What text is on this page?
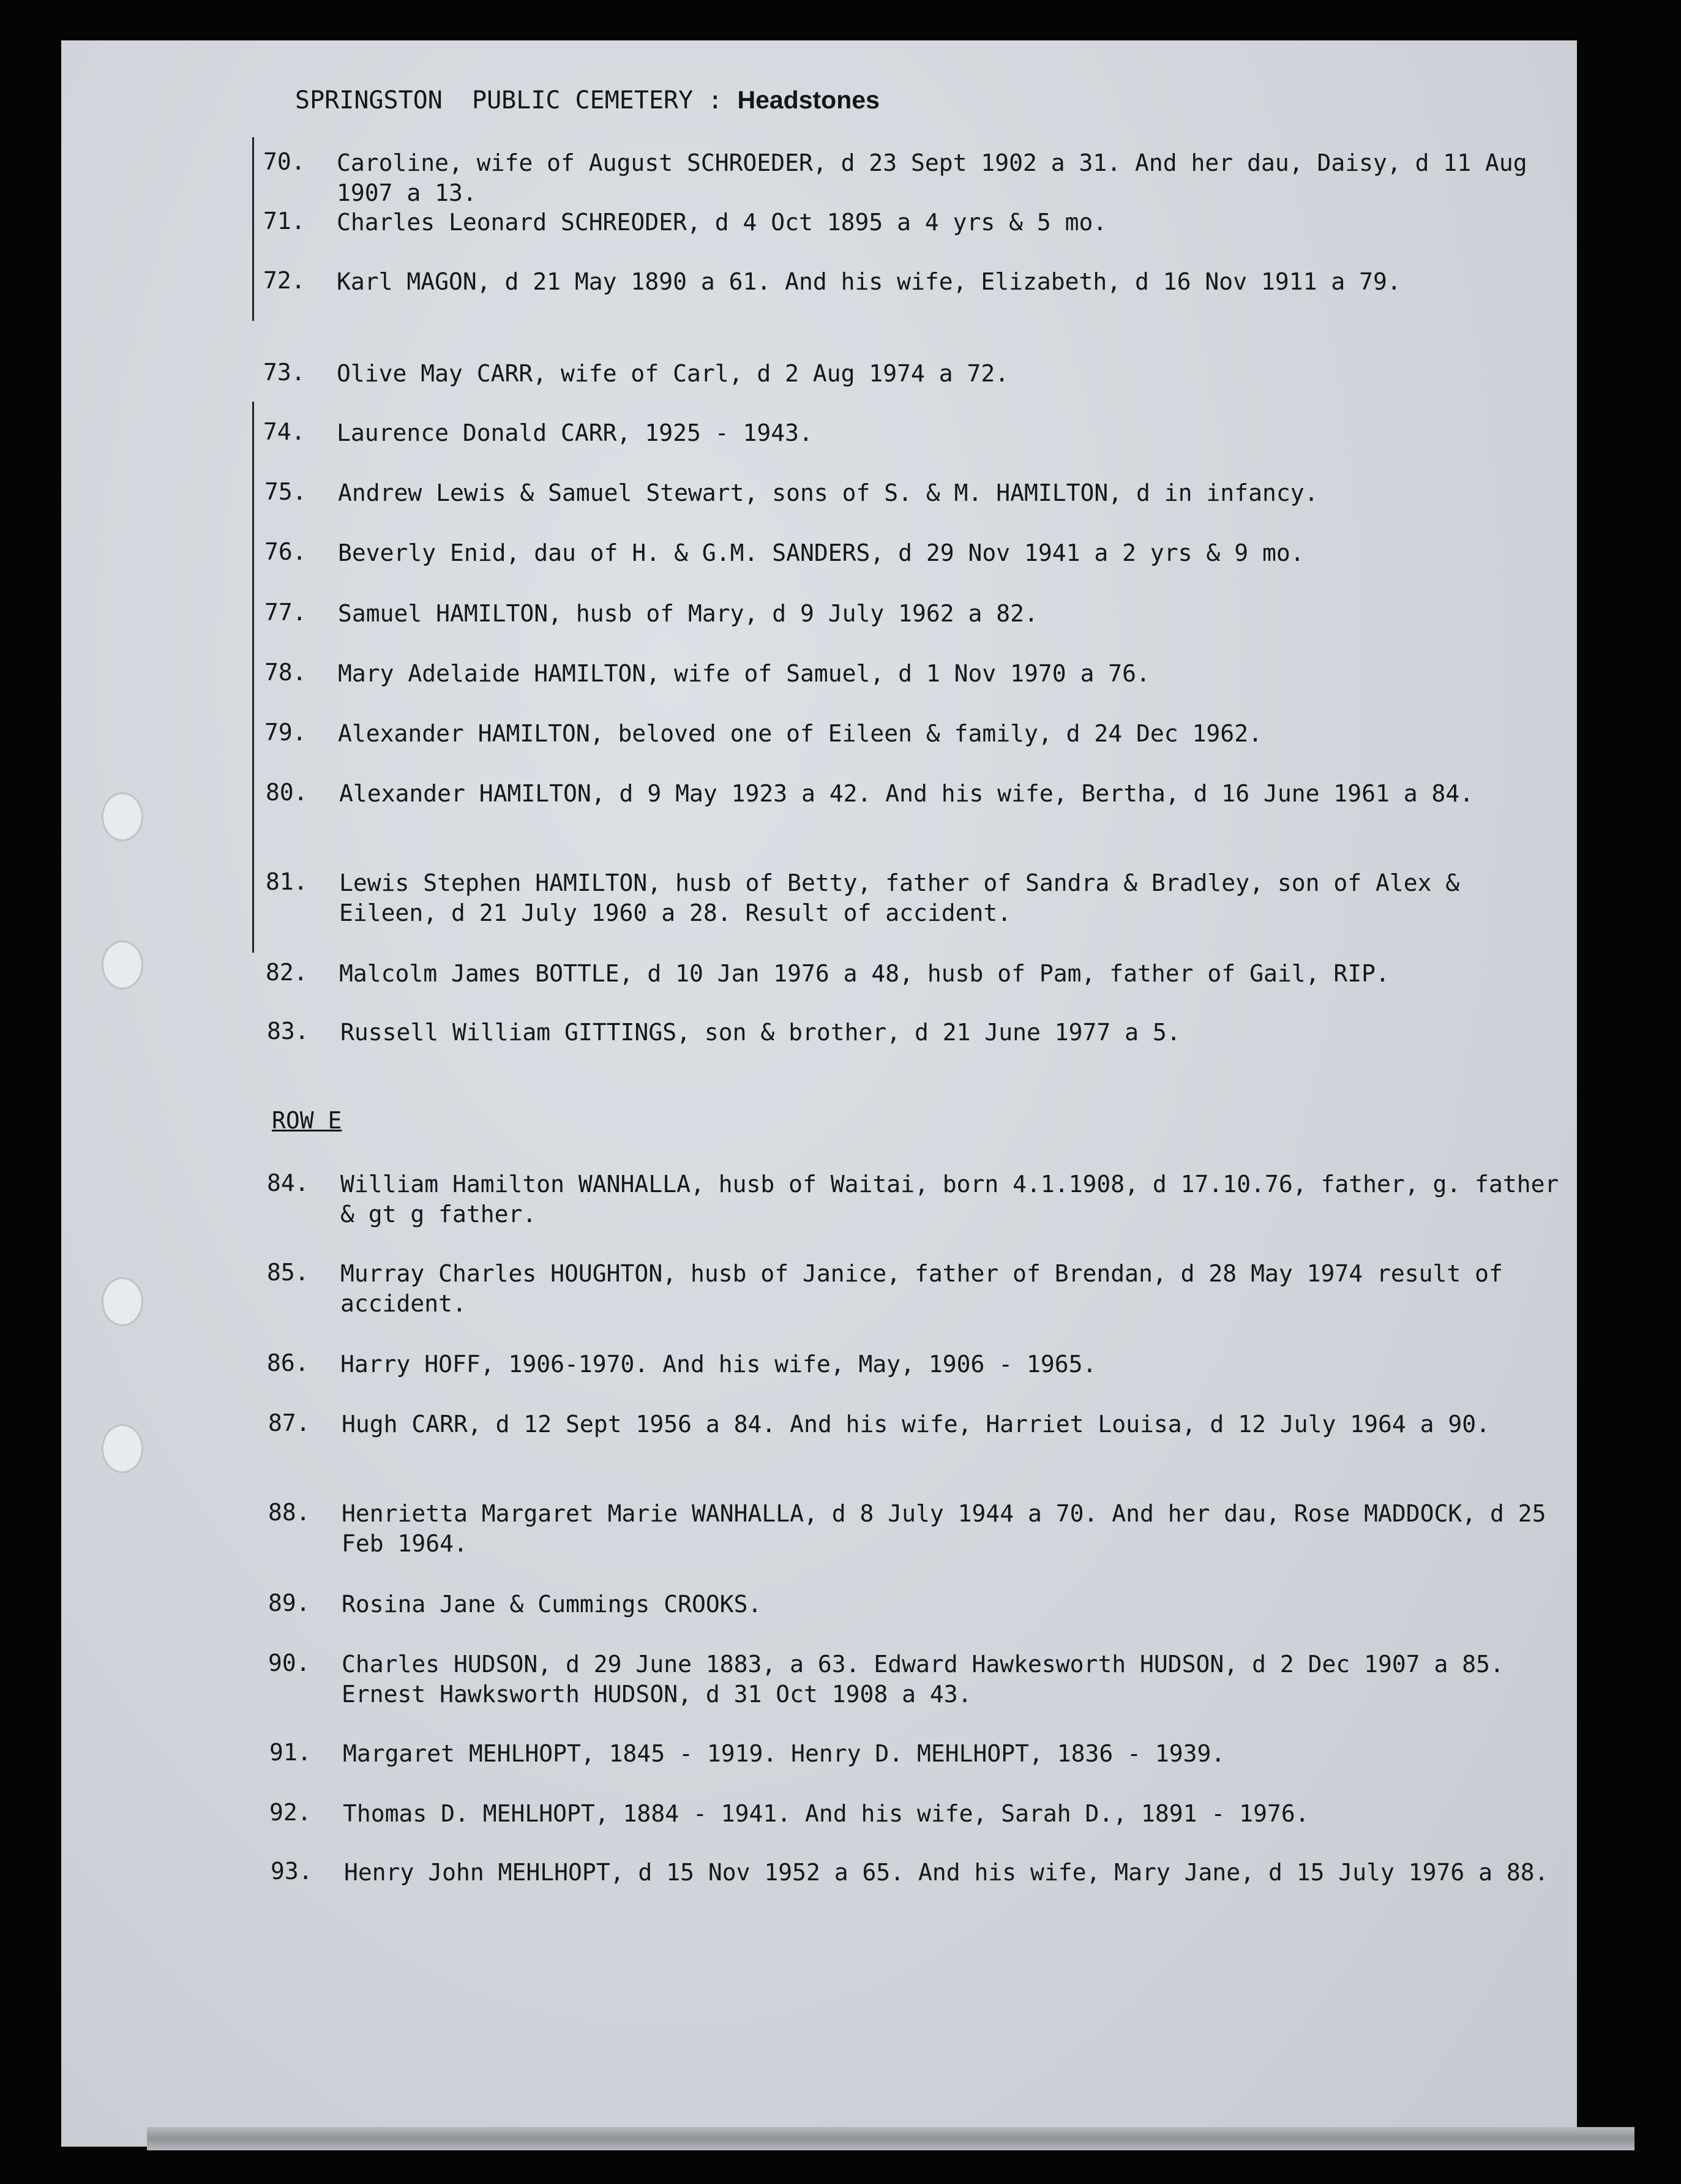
SPRINGSTON  PUBLIC CEMETERY : Headstones
70. Caroline, wife of August SCHROEDER, d 23 Sept 1902 a 31. And her dau, Daisy, d 11 Aug 1907 a 13.
71. Charles Leonard SCHREODER, d 4 Oct 1895 a 4 yrs & 5 mo.
72. Karl MAGON, d 21 May 1890 a 61. And his wife, Elizabeth, d 16 Nov 1911 a 79.
73. Olive May CARR, wife of Carl, d 2 Aug 1974 a 72.
74. Laurence Donald CARR, 1925 - 1943.
75. Andrew Lewis & Samuel Stewart, sons of S. & M. HAMILTON, d in infancy.
76. Beverly Enid, dau of H. & G.M. SANDERS, d 29 Nov 1941 a 2 yrs & 9 mo.
77. Samuel HAMILTON, husb of Mary, d 9 July 1962 a 82.
78. Mary Adelaide HAMILTON, wife of Samuel, d 1 Nov 1970 a 76.
79. Alexander HAMILTON, beloved one of Eileen & family, d 24 Dec 1962.
80. Alexander HAMILTON, d 9 May 1923 a 42. And his wife, Bertha, d 16 June 1961 a 84.
81. Lewis Stephen HAMILTON, husb of Betty, father of Sandra & Bradley, son of Alex & Eileen, d 21 July 1960 a 28. Result of accident.
82. Malcolm James BOTTLE, d 10 Jan 1976 a 48, husb of Pam, father of Gail, RIP.
83. Russell William GITTINGS, son & brother, d 21 June 1977 a 5.
84. William Hamilton WANHALLA, husb of Waitai, born 4.1.1908, d 17.10.76, father, g. father & gt g father.
85. Murray Charles HOUGHTON, husb of Janice, father of Brendan, d 28 May 1974 result of accident.
86. Harry HOFF, 1906-1970. And his wife, May, 1906 - 1965.
87. Hugh CARR, d 12 Sept 1956 a 84. And his wife, Harriet Louisa, d 12 July 1964 a 90.
88. Henrietta Margaret Marie WANHALLA, d 8 July 1944 a 70. And her dau, Rose MADDOCK, d 25 Feb 1964.
89. Rosina Jane & Cummings CROOKS.
90. Charles HUDSON, d 29 June 1883, a 63. Edward Hawkesworth HUDSON, d 2 Dec 1907 a 85. Ernest Hawksworth HUDSON, d 31 Oct 1908 a 43.
91. Margaret MEHLHOPT, 1845 - 1919. Henry D. MEHLHOPT, 1836 - 1939.
92. Thomas D. MEHLHOPT, 1884 - 1941. And his wife, Sarah D., 1891 - 1976.
93. Henry John MEHLHOPT, d 15 Nov 1952 a 65. And his wife, Mary Jane, d 15 July 1976 a 88.
ROW E
